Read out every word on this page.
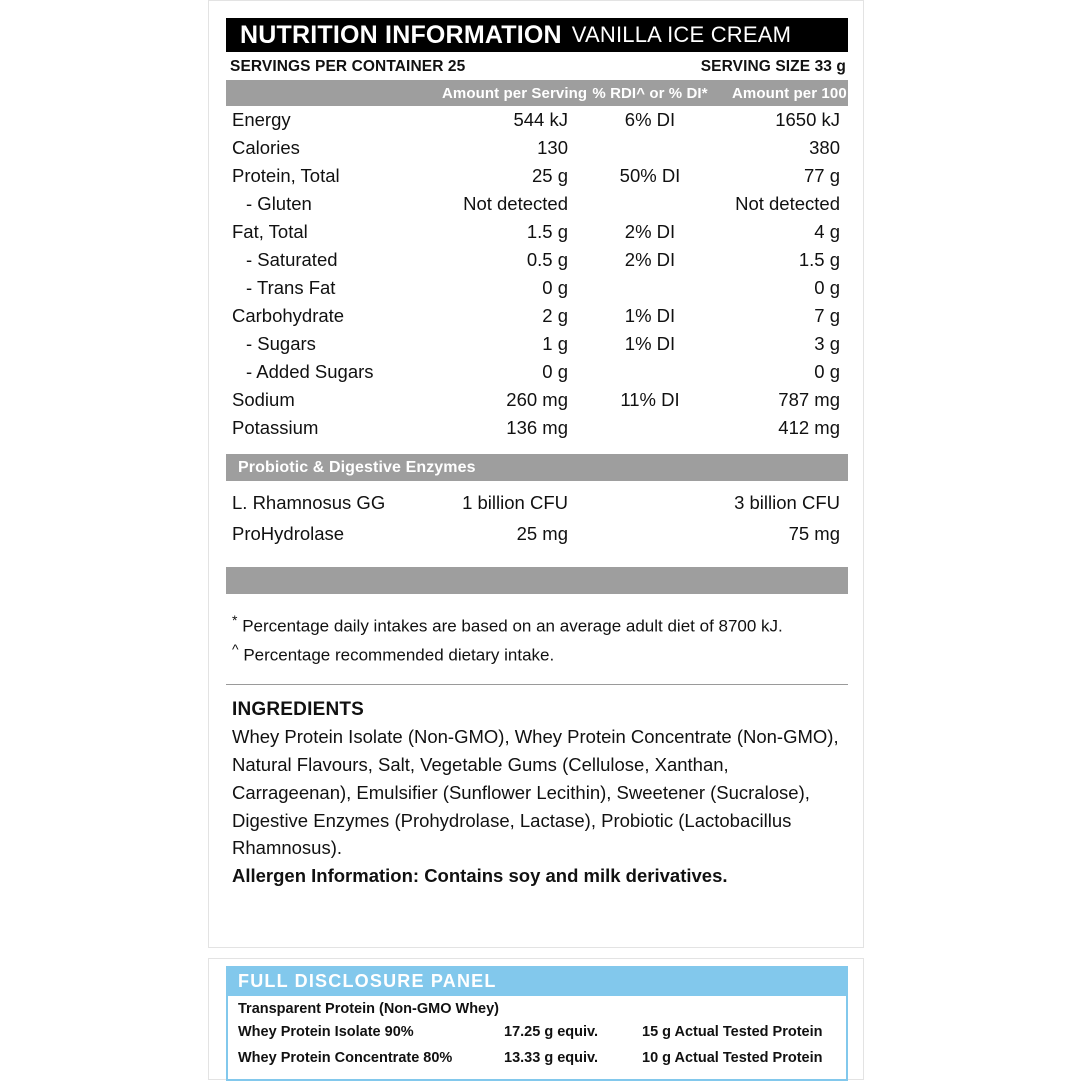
NUTRITION INFORMATION VANILLA ICE CREAM
SERVINGS PER CONTAINER 25	SERVING SIZE 33 g
	Amount per Serving	% RDI^ or % DI*	Amount per 100 g
Energy	544 kJ	6% DI	1650 kJ
Calories	130		380
Protein, Total	25 g	50% DI	77 g
- Gluten	Not detected		Not detected
Fat, Total	1.5 g	2% DI	4 g
- Saturated	0.5 g	2% DI	1.5 g
- Trans Fat	0 g		0 g
Carbohydrate	2 g	1% DI	7 g
- Sugars	1 g	1% DI	3 g
- Added Sugars	0 g		0 g
Sodium	260 mg	11% DI	787 mg
Potassium	136 mg		412 mg
Probiotic & Digestive Enzymes
L. Rhamnosus GG	1 billion CFU		3 billion CFU
ProHydrolase	25 mg		75 mg
* Percentage daily intakes are based on an average adult diet of 8700 kJ.
^ Percentage recommended dietary intake.
INGREDIENTS
Whey Protein Isolate (Non-GMO), Whey Protein Concentrate (Non-GMO), Natural Flavours, Salt, Vegetable Gums (Cellulose, Xanthan, Carrageenan), Emulsifier (Sunflower Lecithin), Sweetener (Sucralose), Digestive Enzymes (Prohydrolase, Lactase), Probiotic (Lactobacillus Rhamnosus).
Allergen Information: Contains soy and milk derivatives.
FULL DISCLOSURE PANEL
Transparent Protein (Non-GMO Whey)
Whey Protein Isolate 90%	17.25 g equiv.	15 g Actual Tested Protein
Whey Protein Concentrate 80%	13.33 g equiv.	10 g Actual Tested Protein
